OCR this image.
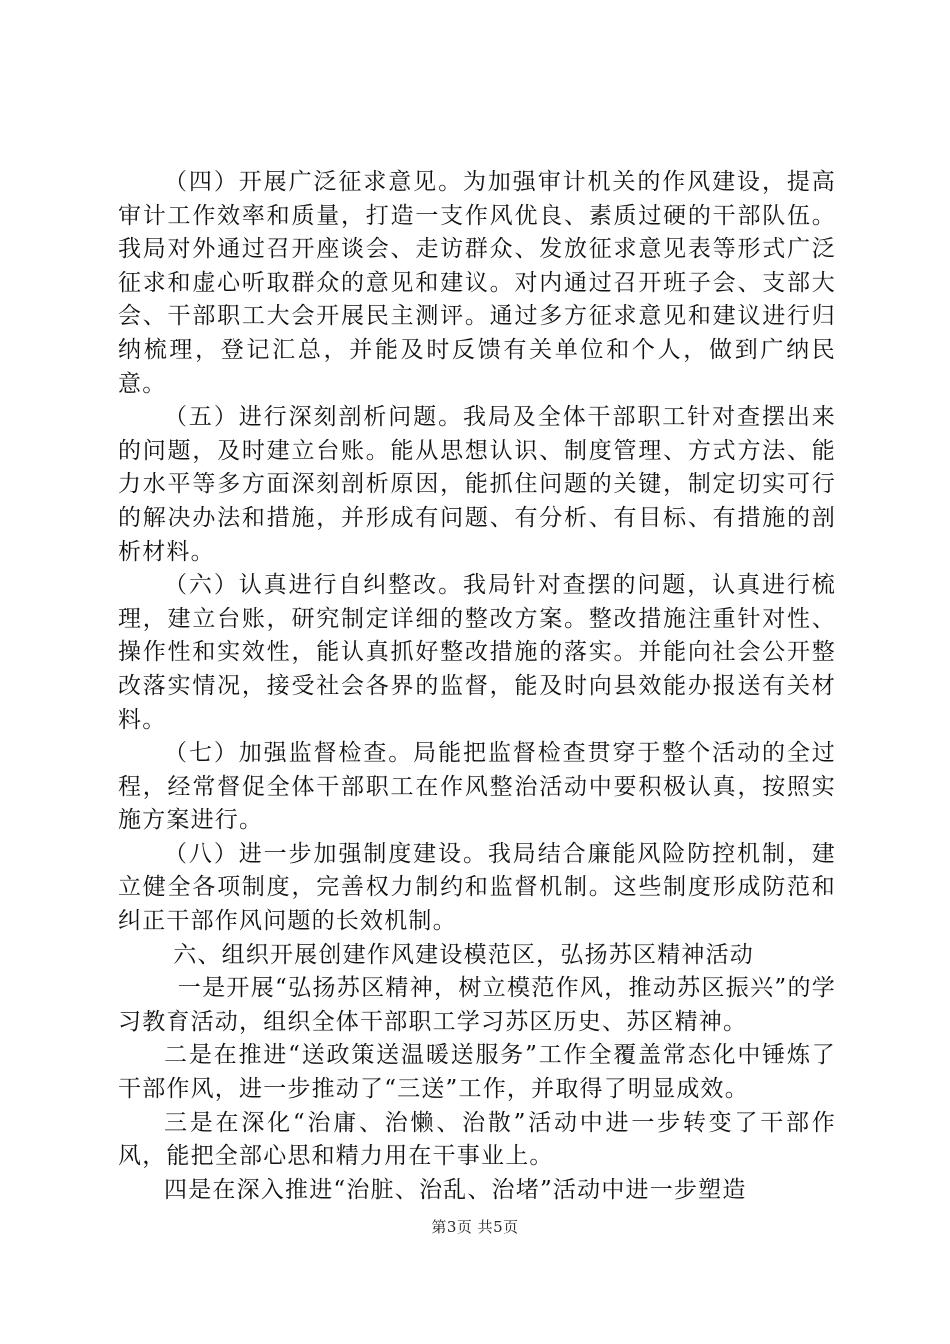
（四）开展广泛征求意见。为加强审计机关的作风建设，提高审计工作效率和质量，打造一支作风优良、素质过硬的干部队伍。我局对外通过召开座谈会、走访群众、发放征求意见表等形式广泛征求和虚心听取群众的意见和建议。对内通过召开班子会、支部大会、干部职工大会开展民主测评。通过多方征求意见和建议进行归纳梳理，登记汇总，并能及时反馈有关单位和个人，做到广纳民意。

（五）进行深刻剖析问题。我局及全体干部职工针对查摆出来的问题，及时建立台账。能从思想认识、制度管理、方式方法、能力水平等多方面深刻剖析原因，能抓住问题的关键，制定切实可行的解决办法和措施，并形成有问题、有分析、有目标、有措施的剖析材料。

（六）认真进行自纠整改。我局针对查摆的问题，认真进行梳理，建立台账，研究制定详细的整改方案。整改措施注重针对性、操作性和实效性，能认真抓好整改措施的落实。并能向社会公开整改落实情况，接受社会各界的监督，能及时向县效能办报送有关材料。

（七）加强监督检查。局能把监督检查贯穿于整个活动的全过程，经常督促全体干部职工在作风整治活动中要积极认真，按照实施方案进行。

（八）进一步加强制度建设。我局结合廉能风险防控机制，建立健全各项制度，完善权力制约和监督机制。这些制度形成防范和纠正干部作风问题的长效机制。

六、组织开展创建作风建设模范区，弘扬苏区精神活动

一是开展“弘扬苏区精神，树立模范作风，推动苏区振兴”的学习教育活动，组织全体干部职工学习苏区历史、苏区精神。

二是在推进“送政策送温暖送服务”工作全覆盖常态化中锤炼了干部作风，进一步推动了“三送”工作，并取得了明显成效。

三是在深化“治庸、治懒、治散”活动中进一步转变了干部作风，能把全部心思和精力用在干事业上。

四是在深入推进“治脏、治乱、治堵”活动中进一步塑造

第3页 共5页
